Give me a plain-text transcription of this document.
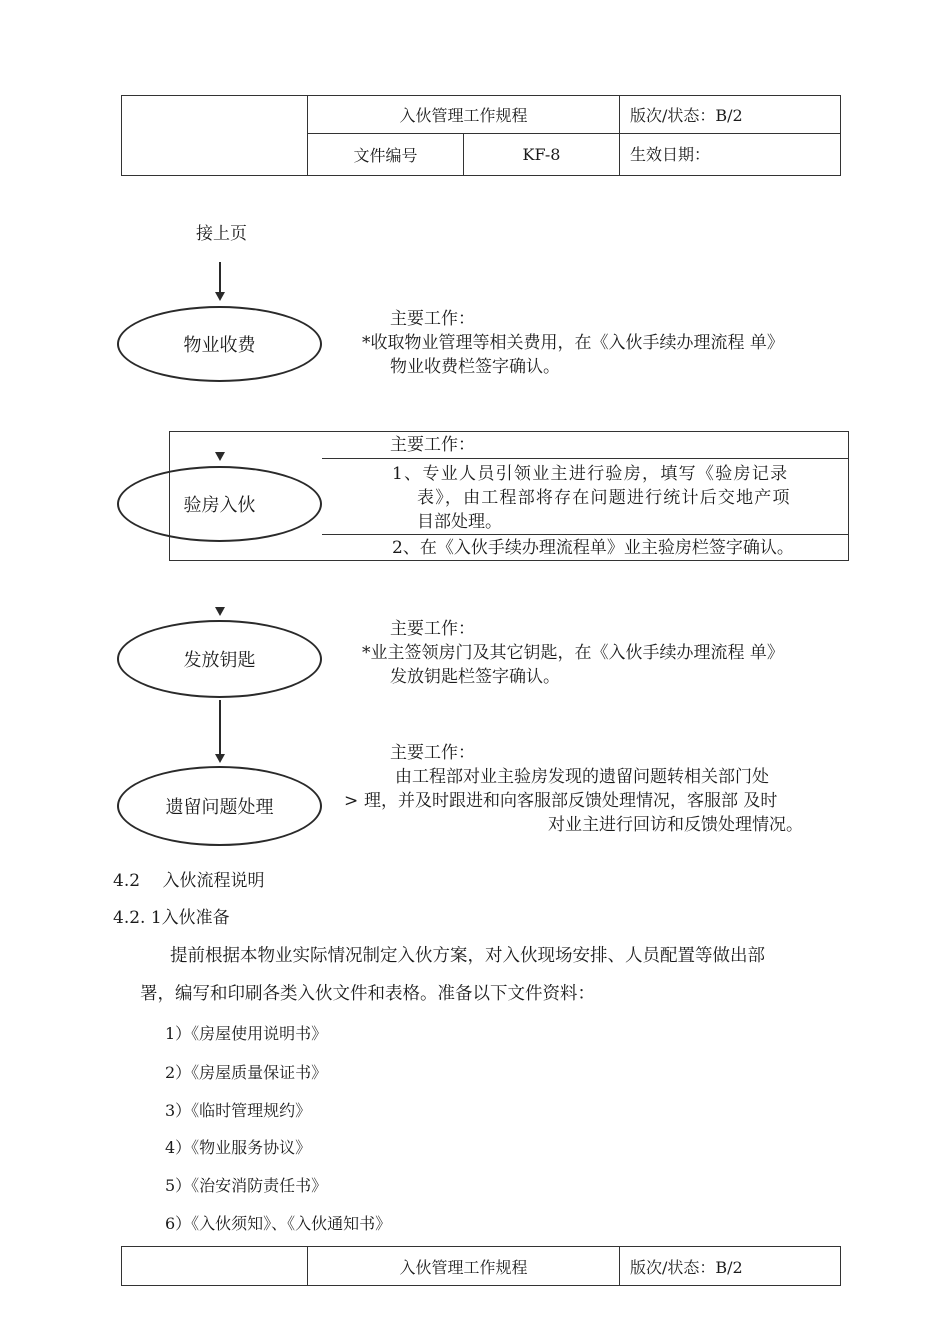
	入伙管理工作规程		版次/状态：B/2
	文件编号	KF-8	生效日期：
接上页
物业收费
主要工作：
*收取物业管理等相关费用，在《入伙手续办理流程 单》
物业收费栏签字确认。
验房入伙
主要工作：
1、专业人员引领业主进行验房，填写《验房记录
表》，由工程部将存在问题进行统计后交地产项
目部处理。
2、在《入伙手续办理流程单》业主验房栏签字确认。
发放钥匙
主要工作：
*业主签领房门及其它钥匙，在《入伙手续办理流程 单》
发放钥匙栏签字确认。
遗留问题处理
主要工作：
由工程部对业主验房发现的遗留问题转相关部门处
> 理，并及时跟进和向客服部反馈处理情况，客服部 及时
对业主进行回访和反馈处理情况。
4.2　 入伙流程说明
4.2. 1入伙准备
提前根据本物业实际情况制定入伙方案，对入伙现场安排、人员配置等做出部
署，编写和印刷各类入伙文件和表格。准备以下文件资料：
1）《房屋使用说明书》
2）《房屋质量保证书》
3）《临时管理规约》
4）《物业服务协议》
5）《治安消防责任书》
6）《入伙须知》、《入伙通知书》
	入伙管理工作规程	版次/状态：B/2
